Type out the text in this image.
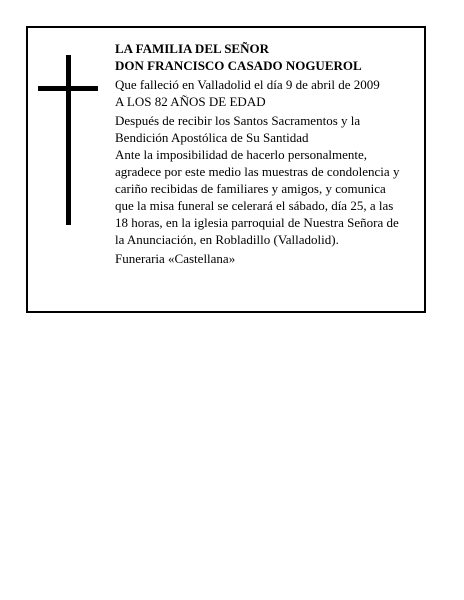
LA FAMILIA DEL SEÑOR
DON FRANCISCO CASADO NOGUEROL
Que falleció en Valladolid el día 9 de abril de 2009
A LOS 82 AÑOS DE EDAD
Después de recibir los Santos Sacramentos y la
Bendición Apostólica de Su Santidad
Ante la imposibilidad de hacerlo personalmente,
agradece por este medio las muestras de condolencia y
cariño recibidas de familiares y amigos, y comunica
que la misa funeral se celerará el sábado, día 25, a las
18 horas, en la iglesia parroquial de Nuestra Señora de
la Anunciación, en Robladillo (Valladolid).
Funeraria «Castellana»
